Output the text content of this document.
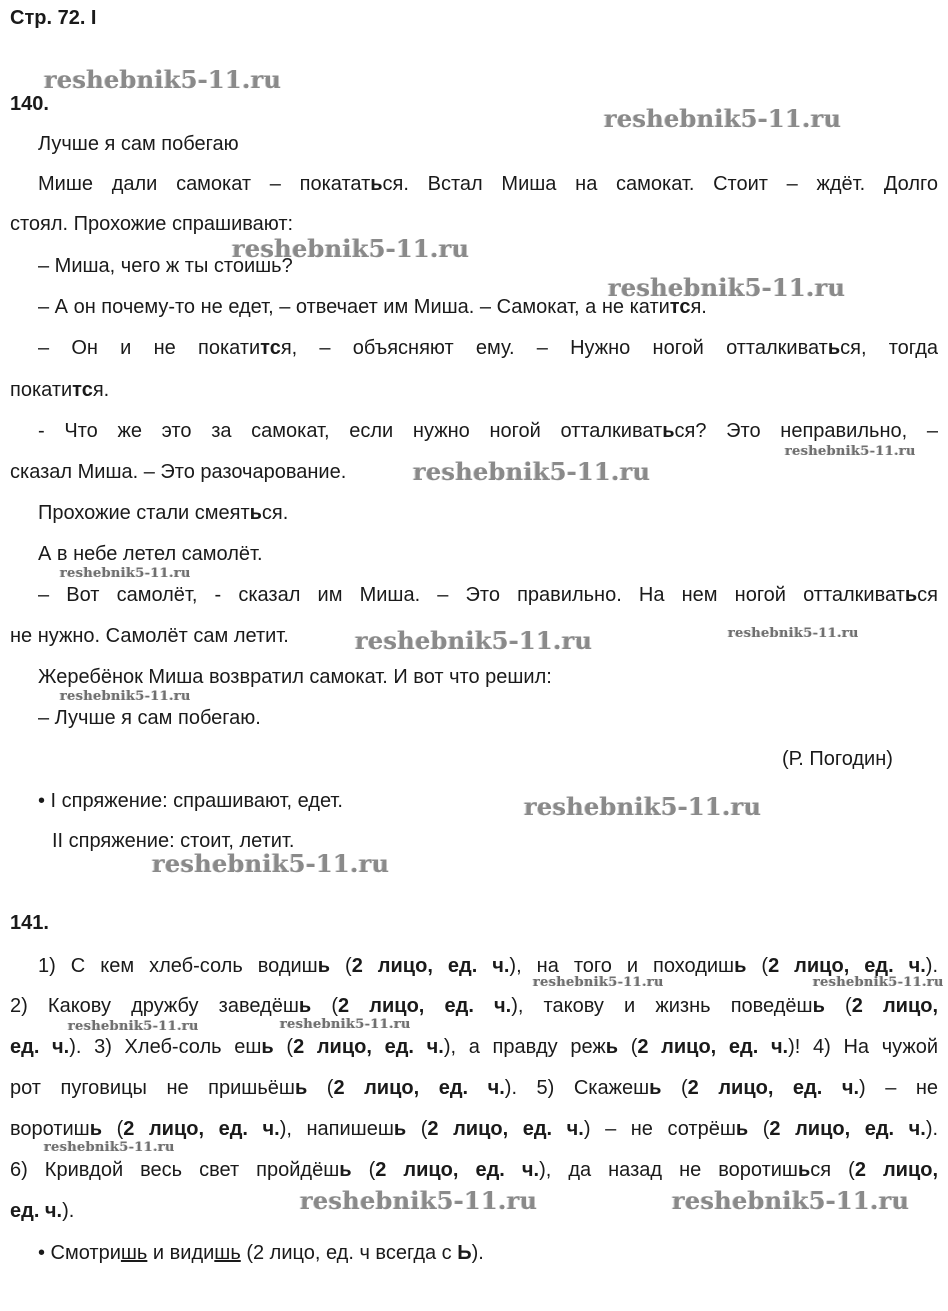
Стр. 72. I
140.
Лучше я сам побегаю
Мише дали самокат – покататься. Встал Миша на самокат. Стоит – ждёт. Долго
стоял. Прохожие спрашивают:
– Миша, чего ж ты стоишь?
– А он почему-то не едет, – отвечает им Миша. – Самокат, а не катится.
– Он и не покатится, – объясняют ему. – Нужно ногой отталкиваться, тогда
покатится.
- Что же это за самокат, если нужно ногой отталкиваться? Это неправильно, –
сказал Миша. – Это разочарование.
Прохожие стали смеяться.
А в небе летел самолёт.
– Вот самолёт, - сказал им Миша. – Это правильно. На нем ногой отталкиваться
не нужно. Самолёт сам летит.
Жеребёнок Миша возвратил самокат. И вот что решил:
– Лучше я сам побегаю.
(Р. Погодин)
• I спряжение: спрашивают, едет.
II спряжение: стоит, летит.
141.
1) С кем хлеб-соль водишь (2 лицо, ед. ч.), на того и походишь (2 лицо, ед. ч.).
2) Какову дружбу заведёшь (2 лицо, ед. ч.), такову и жизнь поведёшь (2 лицо,
ед. ч.). 3) Хлеб-соль ешь (2 лицо, ед. ч.), а правду режь (2 лицо, ед. ч.)! 4) На чужой
рот пуговицы не пришьёшь (2 лицо, ед. ч.). 5) Скажешь (2 лицо, ед. ч.) – не
воротишь (2 лицо, ед. ч.), напишешь (2 лицо, ед. ч.) – не сотрёшь (2 лицо, ед. ч.).
6) Кривдой весь свет пройдёшь (2 лицо, ед. ч.), да назад не воротишься (2 лицо,
ед. ч.).
• Смотришь и видишь (2 лицо, ед. ч всегда с Ь).
reshebnik5-11.ru
reshebnik5-11.ru
reshebnik5-11.ru
reshebnik5-11.ru
reshebnik5-11.ru
reshebnik5-11.ru
reshebnik5-11.ru
reshebnik5-11.ru	reshebnik5-11.ru
reshebnik5-11.ru
reshebnik5-11.ru
reshebnik5-11.ru
reshebnik5-11.ru	reshebnik5-11.ru
reshebnik5-11.ru	reshebnik5-11.ru
reshebnik5-11.ru
reshebnik5-11.ru	reshebnik5-11.ru
